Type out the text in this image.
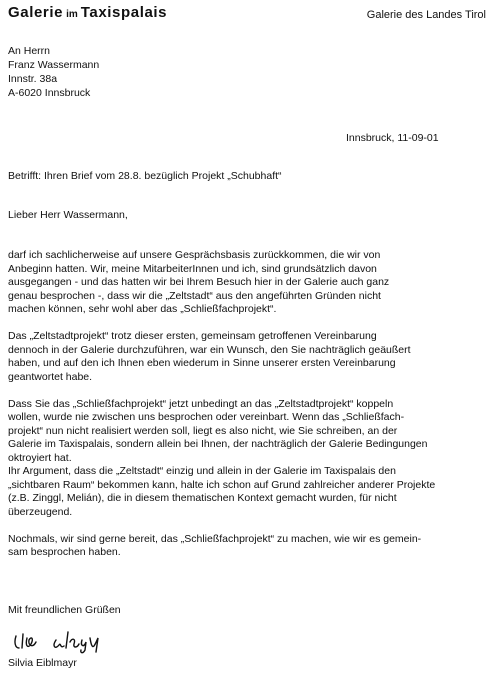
Galerie im Taxispalais	Galerie des Landes Tirol
An Herrn
Franz Wassermann
Innstr. 38a
A-6020 Innsbruck
Innsbruck, 11-09-01
Betrifft: Ihren Brief vom 28.8. bezüglich Projekt „Schubhaft“
Lieber Herr Wassermann,
darf ich sachlicherweise auf unsere Gesprächsbasis zurückkommen, die wir von
Anbeginn hatten. Wir, meine MitarbeiterInnen und ich, sind grundsätzlich davon
ausgegangen - und das hatten wir bei Ihrem Besuch hier in der Galerie auch ganz
genau besprochen -, dass wir die „Zeltstadt“ aus den angeführten Gründen nicht
machen können, sehr wohl aber das „Schließfachprojekt“.
Das „Zeltstadtprojekt“ trotz dieser ersten, gemeinsam getroffenen Vereinbarung
dennoch in der Galerie durchzuführen, war ein Wunsch, den Sie nachträglich geäußert
haben, und auf den ich Ihnen eben wiederum in Sinne unserer ersten Vereinbarung
geantwortet habe.
Dass Sie das „Schließfachprojekt“ jetzt unbedingt an das „Zeltstadtprojekt“ koppeln
wollen, wurde nie zwischen uns besprochen oder vereinbart. Wenn das „Schließfach-
projekt“ nun nicht realisiert werden soll, liegt es also nicht, wie Sie schreiben, an der
Galerie im Taxispalais, sondern allein bei Ihnen, der nachträglich der Galerie Bedingungen
oktroyiert hat.
Ihr Argument, dass die „Zeltstadt“ einzig und allein in der Galerie im Taxispalais den
„sichtbaren Raum“ bekommen kann, halte ich schon auf Grund zahlreicher anderer Projekte
(z.B. Zinggl, Melián), die in diesem thematischen Kontext gemacht wurden, für nicht
überzeugend.
Nochmals, wir sind gerne bereit, das „Schließfachprojekt“ zu machen, wie wir es gemein-
sam besprochen haben.
Mit freundlichen Grüßen
Silvia Eiblmayr
